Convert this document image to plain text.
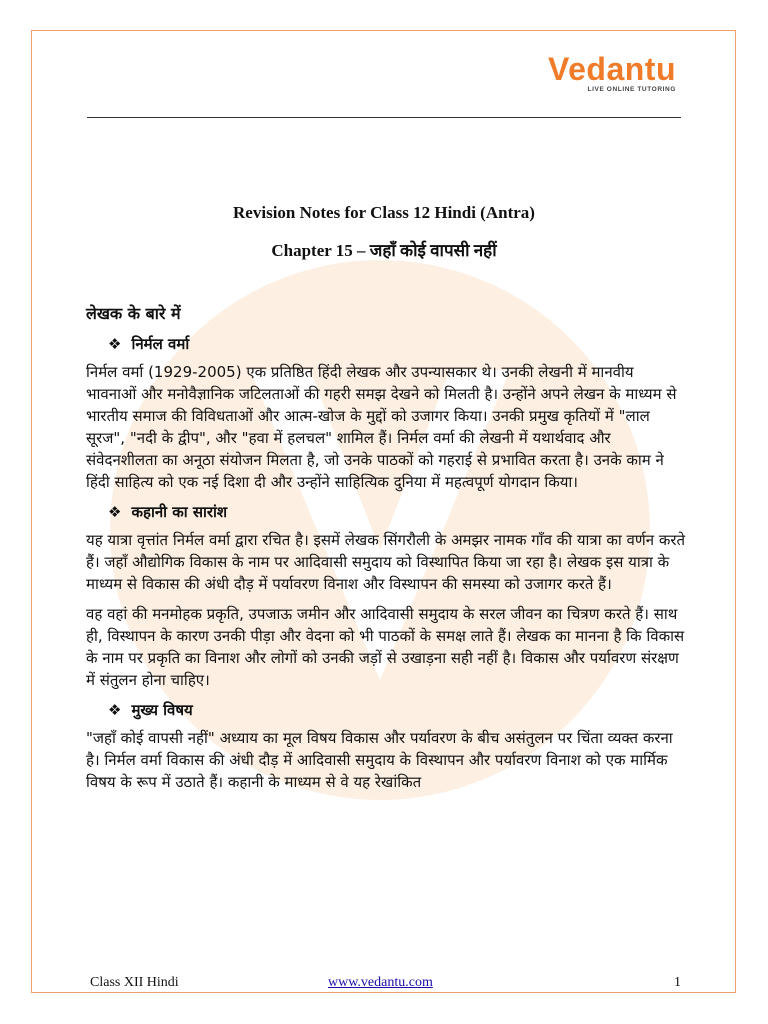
Vedantu
LIVE ONLINE TUTORING
Revision Notes for Class 12 Hindi (Antra)
Chapter 15 – जहाँ कोई वापसी नहीं
लेखक के बारे में
❖ निर्मल वर्मा

निर्मल वर्मा (1929-2005) एक प्रतिष्ठित हिंदी लेखक और उपन्यासकार थे। उनकी लेखनी में मानवीय भावनाओं और मनोवैज्ञानिक जटिलताओं की गहरी समझ देखने को मिलती है। उन्होंने अपने लेखन के माध्यम से भारतीय समाज की विविधताओं और आत्म-खोज के मुद्दों को उजागर किया। उनकी प्रमुख कृतियों में "लाल सूरज", "नदी के द्वीप", और "हवा में हलचल" शामिल हैं। निर्मल वर्मा की लेखनी में यथार्थवाद और संवेदनशीलता का अनूठा संयोजन मिलता है, जो उनके पाठकों को गहराई से प्रभावित करता है। उनके काम ने हिंदी साहित्य को एक नई दिशा दी और उन्होंने साहित्यिक दुनिया में महत्वपूर्ण योगदान किया।

❖ कहानी का सारांश

यह यात्रा वृत्तांत निर्मल वर्मा द्वारा रचित है। इसमें लेखक सिंगरौली के अमझर नामक गाँव की यात्रा का वर्णन करते हैं। जहाँ औद्योगिक विकास के नाम पर आदिवासी समुदाय को विस्थापित किया जा रहा है। लेखक इस यात्रा के माध्यम से विकास की अंधी दौड़ में पर्यावरण विनाश और विस्थापन की समस्या को उजागर करते हैं।

वह वहां की मनमोहक प्रकृति, उपजाऊ जमीन और आदिवासी समुदाय के सरल जीवन का चित्रण करते हैं। साथ ही, विस्थापन के कारण उनकी पीड़ा और वेदना को भी पाठकों के समक्ष लाते हैं। लेखक का मानना है कि विकास के नाम पर प्रकृति का विनाश और लोगों को उनकी जड़ों से उखाड़ना सही नहीं है। विकास और पर्यावरण संरक्षण में संतुलन होना चाहिए।

❖ मुख्य विषय

"जहाँ कोई वापसी नहीं" अध्याय का मूल विषय विकास और पर्यावरण के बीच असंतुलन पर चिंता व्यक्त करना है। निर्मल वर्मा विकास की अंधी दौड़ में आदिवासी समुदाय के विस्थापन और पर्यावरण विनाश को एक मार्मिक विषय के रूप में उठाते हैं। कहानी के माध्यम से वे यह रेखांकित

Class XII Hindi	www.vedantu.com	1
